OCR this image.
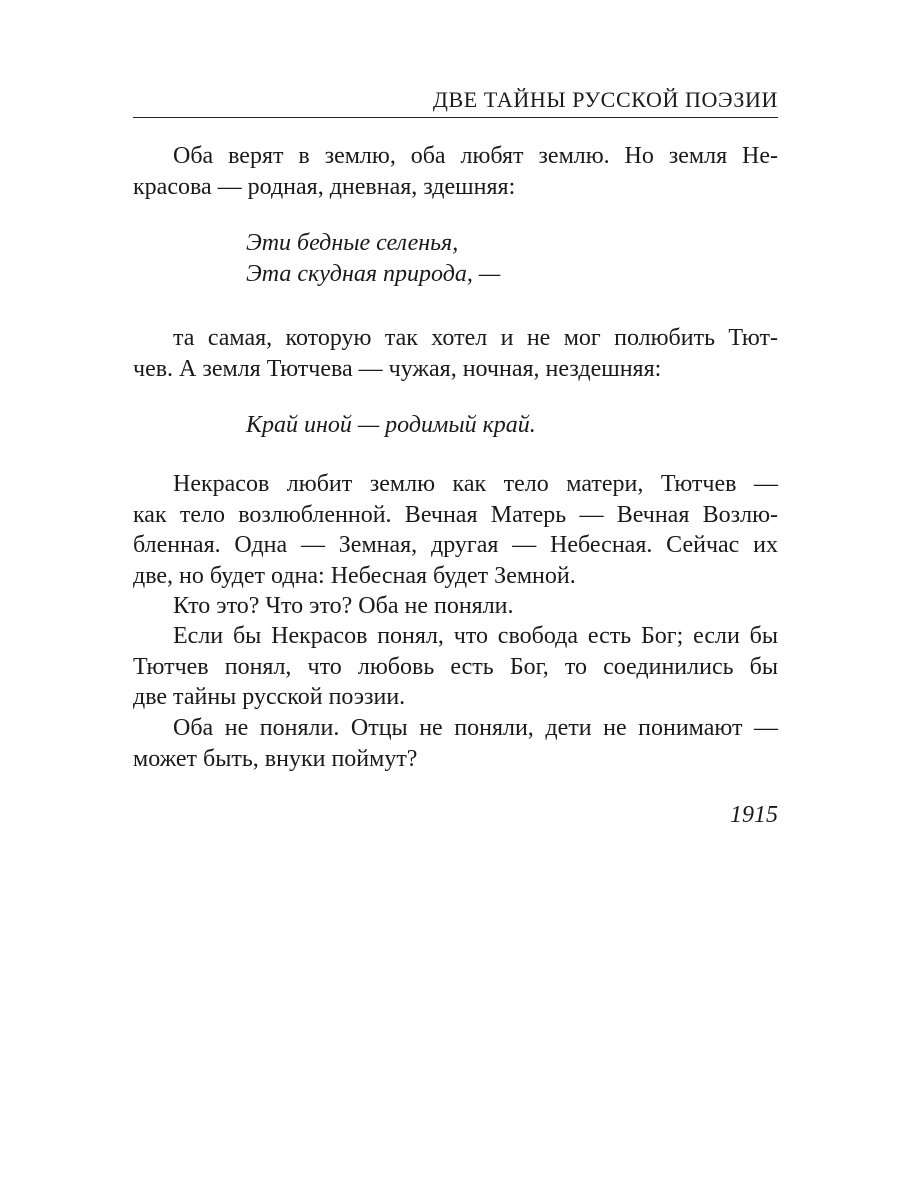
ДВЕ ТАЙНЫ РУССКОЙ ПОЭЗИИ
Оба верят в землю, оба любят землю. Но земля Не-
красова — родная, дневная, здешняя:
Эти бедные селенья,
Эта скудная природа, —
та самая, которую так хотел и не мог полюбить Тют-
чев. А земля Тютчева — чужая, ночная, нездешняя:
Край иной — родимый край.
Некрасов любит землю как тело матери, Тютчев —
как тело возлюбленной. Вечная Матерь — Вечная Возлю-
бленная. Одна — Земная, другая — Небесная. Сейчас их
две, но будет одна: Небесная будет Земной.
Кто это? Что это? Оба не поняли.
Если бы Некрасов понял, что свобода есть Бог; если бы
Тютчев понял, что любовь есть Бог, то соединились бы
две тайны русской поэзии.
Оба не поняли. Отцы не поняли, дети не понимают —
может быть, внуки поймут?
1915
